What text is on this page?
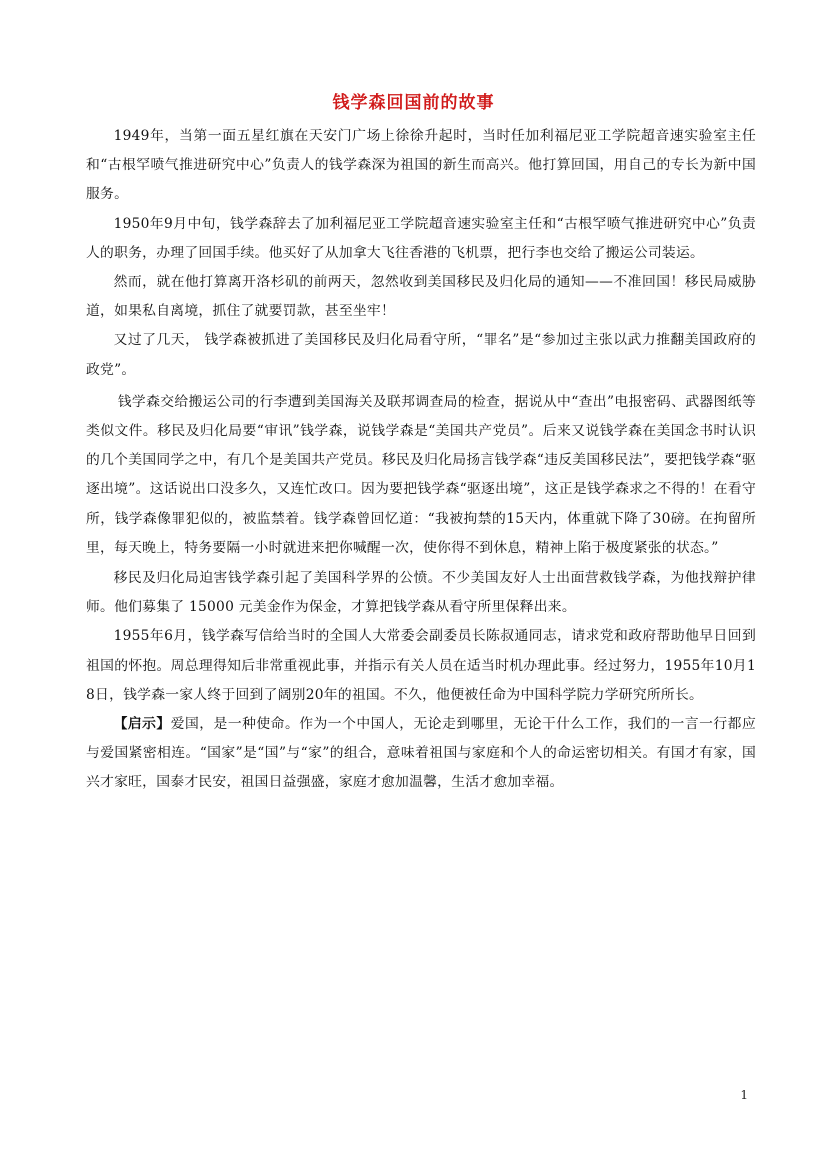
钱学森回国前的故事

1949年，当第一面五星红旗在天安门广场上徐徐升起时，当时任加利福尼亚工学院超音速实验室主任和“古根罕喷气推进研究中心”负责人的钱学森深为祖国的新生而高兴。他打算回国，用自己的专长为新中国服务。

1950年9月中旬，钱学森辞去了加利福尼亚工学院超音速实验室主任和“古根罕喷气推进研究中心”负责人的职务，办理了回国手续。他买好了从加拿大飞往香港的飞机票，把行李也交给了搬运公司装运。

然而，就在他打算离开洛杉矶的前两天，忽然收到美国移民及归化局的通知——不准回国！移民局威胁道，如果私自离境，抓住了就要罚款，甚至坐牢！

又过了几天， 钱学森被抓进了美国移民及归化局看守所，“罪名”是“参加过主张以武力推翻美国政府的政党”。

钱学森交给搬运公司的行李遭到美国海关及联邦调查局的检查，据说从中“查出”电报密码、武器图纸等类似文件。移民及归化局要“审讯”钱学森，说钱学森是“美国共产党员”。后来又说钱学森在美国念书时认识的几个美国同学之中，有几个是美国共产党员。移民及归化局扬言钱学森“违反美国移民法”，要把钱学森“驱逐出境”。这话说出口没多久，又连忙改口。因为要把钱学森“驱逐出境”，这正是钱学森求之不得的！在看守所，钱学森像罪犯似的，被监禁着。钱学森曾回忆道：“我被拘禁的15天内，体重就下降了30磅。在拘留所里，每天晚上，特务要隔一小时就进来把你喊醒一次，使你得不到休息，精神上陷于极度紧张的状态。”

移民及归化局迫害钱学森引起了美国科学界的公愤。不少美国友好人士出面营救钱学森，为他找辩护律师。他们募集了 15000 元美金作为保金，才算把钱学森从看守所里保释出来。

1955年6月，钱学森写信给当时的全国人大常委会副委员长陈叔通同志，请求党和政府帮助他早日回到祖国的怀抱。周总理得知后非常重视此事，并指示有关人员在适当时机办理此事。经过努力，1955年10月18日，钱学森一家人终于回到了阔别20年的祖国。不久，他便被任命为中国科学院力学研究所所长。

【启示】爱国，是一种使命。作为一个中国人，无论走到哪里，无论干什么工作，我们的一言一行都应与爱国紧密相连。“国家”是“国”与“家”的组合，意味着祖国与家庭和个人的命运密切相关。有国才有家，国兴才家旺，国泰才民安，祖国日益强盛，家庭才愈加温馨，生活才愈加幸福。

1
